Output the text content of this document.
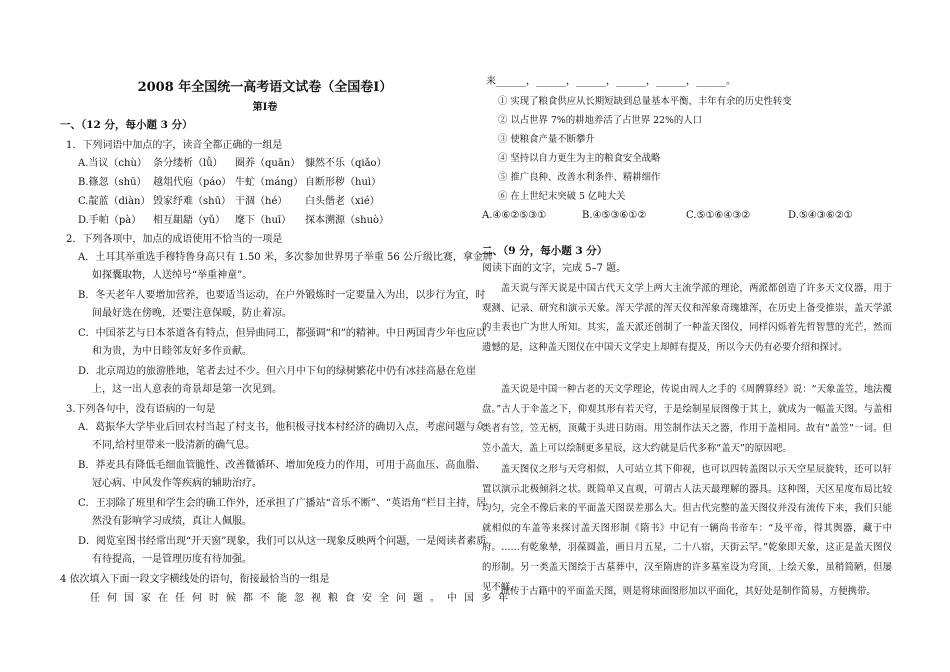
2008 年全国统一高考语文试卷（全国卷I）
第I卷
一、（12 分，每小题 3 分）
1．下列词语中加点的字，读音全都正确的一组是
A.当议（chù） 条分缕析（lǚ）	圈养（quān） 慷然不乐（qiǎo）
B.篠忽（shū） 越俎代庖（páo） 牛虻（máng） 自断形秽（huì）
C.靛蓝（diàn） 毁家纾难（shū） 干涸（hé）	白头偕老（xié）
D.手帕（pà）	相互龃龉（yǔ） 麾下（huī）	探本溯源（shuò）
2．下列各项中，加点的成语使用不恰当的一项是
A．土耳其举重选手穆特鲁身高只有 1.50 米，多次参加世界男子举重 56 公斤级比赛，拿金牌
如探囊取物，人送绰号“举重神童”。
B．冬天老年人要增加营养，也要适当运动，在户外锻炼时一定要量入为出，以步行为宜，时
间最好选在傍晚，还要注意保暖，防止着凉。
C．中国茶艺与日本茶道各有特点，但异曲同工，都强调“和”的精神。中日两国青少年也应以
和为贵，为中日睦邻友好多作贡献。
D．北京周边的旅游胜地，笔者去过不少。但六月中下旬的绿树繁花中仍有冰挂高悬在危崖
上，这一出人意表的奇景却是第一次见到。
3.下列各句中，没有语病的一句是
A．葛振华大学毕业后回农村当起了村支书，他积极寻找本村经济的确切入点，考虑问题与众
不同,给村里带来一股清新的确气息。
B．莽麦具有降低毛细血管脆性、改善微循环、增加免疫力的作用，可用于高血压、高血脂、
冠心病、中风发作等疾病的辅助治疗。
C．王羽除了班里和学生会的确工作外，还承担了广播站“音乐不断”、“英语角”栏目主持，居
然没有影响学习成绩，真让人佩服。
D．阅览室图书经常出现“开天窗”现象，我们可以从这一现象反映两个问题，一是阅读者素质
有待提高，一是管理历度有待加强。
4 依次填入下面一段文字横线处的语句，衔接最恰当的一组是
任何国家在任何时候都不能忽视粮食安全问题。中国多年
来______，______，______，______，______，______。
① 实现了粮食供应从长期短缺到总量基本平衡、丰年有余的历史性转变
② 以占世界 7%的耕地养活了占世界 22%的人口
③ 使粮食产量不断攀升
④ 坚持以自力更生为主的粮食安全战略
⑤ 推广良种、改善水利条件、精耕细作
⑥ 在上世纪末突破 5 亿吨大关
A.④⑥②⑤③①	B.④⑤③⑥①②	C.⑤①⑥④③②	D.⑤④③⑥②①
二、（9 分，每小题 3 分）
阅读下面的文字，完成 5–7 题。
盖天说与浑天说是中国古代天文学上两大主流学派的理论，两派都创造了许多天文仪器，用于观测、记录、研究和演示天象。浑天学派的浑天仪和浑象奇瑰雄浑，在历史上备受推崇，盖天学派的圭表也广为世人所知。其实，盖天派还创制了一种盖天图仪，同样闪烁着先哲智慧的光芒，然而遗憾的是，这种盖天图仪在中国天文学史上却鲜有提及，所以今天仍有必要介绍和探讨。
盖天说是中国一种古老的天文学理论，传说由周人之手的《周髀算经》说：“天象盖笠，地法覆盘。”古人于伞盖之下，仰观其形有若天穹，于是绘制星辰图像于其上，就成为一幅盖天图。与盖相类者有笠，笠无柄，顶戴于头进日防雨。用笠制作法天之器，作用于盖相同。故有“盖笠”一词。但笠小盖大，盖上可以绘制更多星辰，这大约就是后代多称“盖天”的原因吧。
盖天图仪之形与天穹相似，人可站立其下仰视，也可以四转盖图以示天空星辰旋转，还可以轩置以演示北极倾斜之状。既简单又直观，可谓古人法天最理解的器具。这种图，天区星度布局比较均匀，完全不像后来的平面盖天图误差那么大。但古代完整的盖天图仪并没有流传下来，我们只能就相似的车盖等来探讨盖天图形制《隋书》中记有一辆尚书帝车：“及平帝，得其舆器，藏于中府。……有乾象辇，羽葆圆盖，画日月五星，二十八宿，天街云罕。”乾象即天象，这正是盖天图仪的形制。另一类盖天图绘于古墓葬中，汉至隋唐的许多墓室设为穹顶，上绘天象，虽稍简陋，但屡见不鲜。
流传于古籍中的平面盖天图，则是将球面图形加以平面化，其好处是制作简易，方便携带。
